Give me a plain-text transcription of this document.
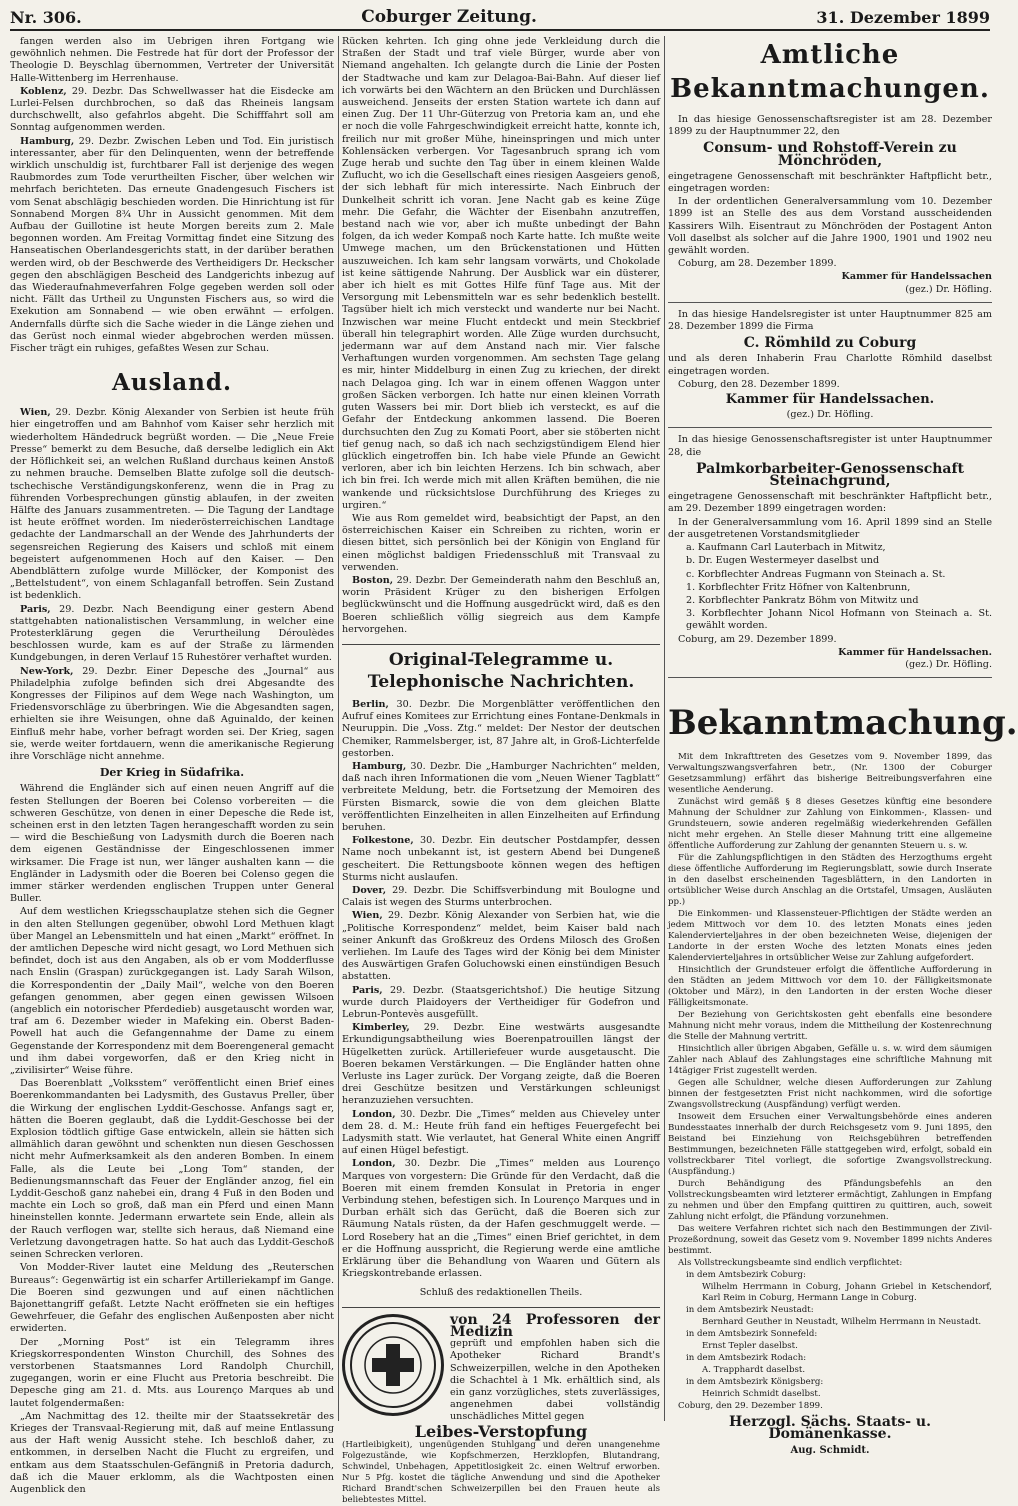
Nr. 306.	Coburger Zeitung.	31. Dezember 1899

fangen werden also im Uebrigen ihren Fortgang wie gewöhnlich nehmen. Die Festrede hat für dort der Professor der Theologie D. Beyschlag übernommen, Vertreter der Universität Halle-Wittenberg im Herrenhause.

Koblenz, 29. Dezbr. Das Schwellwasser hat die Eisdecke am Lurlei-Felsen durchbrochen, so daß das Rheineis langsam durchschwellt, also gefahrlos abgeht. Die Schifffahrt soll am Sonntag aufgenommen werden.

Hamburg, 29. Dezbr. Zwischen Leben und Tod. Ein juristisch interessanter, aber für den Delinquenten, wenn der betreffende wirklich unschuldig ist, furchtbarer Fall ist derjenige des wegen Raubmordes zum Tode verurtheilten Fischer, über welchen wir mehrfach berichteten. Das erneute Gnadengesuch Fischers ist vom Senat abschlägig beschieden worden. Die Hinrichtung ist für Sonnabend Morgen 8¾ Uhr in Aussicht genommen. Mit dem Aufbau der Guillotine ist heute Morgen bereits zum 2. Male begonnen worden. Am Freitag Vormittag findet eine Sitzung des Hanseatischen Oberlandesgerichts statt, in der darüber berathen werden wird, ob der Beschwerde des Vertheidigers Dr. Heckscher gegen den abschlägigen Bescheid des Landgerichts inbezug auf das Wiederaufnahmeverfahren Folge gegeben werden soll oder nicht. Fällt das Urtheil zu Ungunsten Fischers aus, so wird die Exekution am Sonnabend — wie oben erwähnt — erfolgen. Andernfalls dürfte sich die Sache wieder in die Länge ziehen und das Gerüst noch einmal wieder abgebrochen werden müssen. Fischer trägt ein ruhiges, gefaßtes Wesen zur Schau.

Ausland.

Wien, 29. Dezbr. König Alexander von Serbien ist heute früh hier eingetroffen und am Bahnhof vom Kaiser sehr herzlich mit wiederholtem Händedruck begrüßt worden. — Die „Neue Freie Presse“ bemerkt zu dem Besuche, daß derselbe lediglich ein Akt der Höflichkeit sei, an welchen Rußland durchaus keinen Anstoß zu nehmen brauche. Demselben Blatte zufolge soll die deutsch-tschechische Verständigungskonferenz, wenn die in Prag zu führenden Vorbesprechungen günstig ablaufen, in der zweiten Hälfte des Januars zusammentreten. — Die Tagung der Landtage ist heute eröffnet worden. Im niederösterreichischen Landtage gedachte der Landmarschall an der Wende des Jahrhunderts der segensreichen Regierung des Kaisers und schloß mit einem begeistert aufgenommenen Hoch auf den Kaiser. — Den Abendblättern zufolge wurde Millöcker, der Komponist des „Bettelstudent“, von einem Schlaganfall betroffen. Sein Zustand ist bedenklich.

Paris, 29. Dezbr. Nach Beendigung einer gestern Abend stattgehabten nationalistischen Versammlung, in welcher eine Protesterklärung gegen die Verurtheilung Déroulèdes beschlossen wurde, kam es auf der Straße zu lärmenden Kundgebungen, in deren Verlauf 15 Ruhestörer verhaftet wurden.

New-York, 29. Dezbr. Einer Depesche des „Journal“ aus Philadelphia zufolge befinden sich drei Abgesandte des Kongresses der Filipinos auf dem Wege nach Washington, um Friedensvorschläge zu überbringen. Wie die Abgesandten sagen, erhielten sie ihre Weisungen, ohne daß Aguinaldo, der keinen Einfluß mehr habe, vorher befragt worden sei. Der Krieg, sagen sie, werde weiter fortdauern, wenn die amerikanische Regierung ihre Vorschläge nicht annehme.

Der Krieg in Südafrika.

Während die Engländer sich auf einen neuen Angriff auf die festen Stellungen der Boeren bei Colenso vorbereiten — die schweren Geschütze, von denen in einer Depesche die Rede ist, scheinen erst in den letzten Tagen herangeschafft worden zu sein — wird die Beschießung von Ladysmith durch die Boeren nach dem eigenen Geständnisse der Eingeschlossenen immer wirksamer. Die Frage ist nun, wer länger aushalten kann — die Engländer in Ladysmith oder die Boeren bei Colenso gegen die immer stärker werdenden englischen Truppen unter General Buller.

Auf dem westlichen Kriegsschauplatze stehen sich die Gegner in den alten Stellungen gegenüber, obwohl Lord Methuen klagt über Mangel an Lebensmitteln und hat einen „Markt“ eröffnet. In der amtlichen Depesche wird nicht gesagt, wo Lord Methuen sich befindet, doch ist aus den Angaben, als ob er vom Modderflusse nach Enslin (Graspan) zurückgegangen ist. Lady Sarah Wilson, die Korrespondentin der „Daily Mail“, welche von den Boeren gefangen genommen, aber gegen einen gewissen Wilsoen (angeblich ein notorischer Pferdedieb) ausgetauscht worden war, traf am 6. Dezember wieder in Mafeking ein. Oberst Baden-Powell hat auch die Gefangennahme der Dame zu einem Gegenstande der Korrespondenz mit dem Boerengeneral gemacht und ihm dabei vorgeworfen, daß er den Krieg nicht in „zivilisirter“ Weise führe.

Das Boerenblatt „Volksstem“ veröffentlicht einen Brief eines Boerenkommandanten bei Ladysmith, des Gustavus Preller, über die Wirkung der englischen Lyddit-Geschosse. Anfangs sagt er, hätten die Boeren geglaubt, daß die Lyddit-Geschosse bei der Explosion tödtlich giftige Gase entwickeln, allein sie hätten sich allmählich daran gewöhnt und schenkten nun diesen Geschossen nicht mehr Aufmerksamkeit als den anderen Bomben. In einem Falle, als die Leute bei „Long Tom“ standen, der Bedienungsmannschaft das Feuer der Engländer anzog, fiel ein Lyddit-Geschoß ganz nahebei ein, drang 4 Fuß in den Boden und machte ein Loch so groß, daß man ein Pferd und einen Mann hineinstellen konnte. Jedermann erwartete sein Ende, allein als der Rauch verflogen war, stellte sich heraus, daß Niemand eine Verletzung davongetragen hatte. So hat auch das Lyddit-Geschoß seinen Schrecken verloren.

Von Modder-River lautet eine Meldung des „Reuterschen Bureaus“: Gegenwärtig ist ein scharfer Artilleriekampf im Gange. Die Boeren sind gezwungen und auf einen nächtlichen Bajonettangriff gefaßt. Letzte Nacht eröffneten sie ein heftiges Gewehrfeuer, die Gefahr des englischen Außenposten aber nicht erwiderten.

Der „Morning Post“ ist ein Telegramm ihres Kriegskorrespondenten Winston Churchill, des Sohnes des verstorbenen Staatsmannes Lord Randolph Churchill, zugegangen, worin er eine Flucht aus Pretoria beschreibt. Die Depesche ging am 21. d. Mts. aus Lourenço Marques ab und lautet folgendermaßen:

„Am Nachmittag des 12. theilte mir der Staatssekretär des Krieges der Transvaal-Regierung mit, daß auf meine Entlassung aus der Haft wenig Aussicht stehe. Ich beschloß daher, zu entkommen, in derselben Nacht die Flucht zu ergreifen, und entkam aus dem Staatsschulen-Gefängniß in Pretoria dadurch, daß ich die Mauer erklomm, als die Wachtposten einen Augenblick den

Rücken kehrten. Ich ging ohne jede Verkleidung durch die Straßen der Stadt und traf viele Bürger, wurde aber von Niemand angehalten. Ich gelangte durch die Linie der Posten der Stadtwache und kam zur Delagoa-Bai-Bahn. Auf dieser lief ich vorwärts bei den Wächtern an den Brücken und Durchlässen ausweichend. Jenseits der ersten Station wartete ich dann auf einen Zug. Der 11 Uhr-Güterzug von Pretoria kam an, und ehe er noch die volle Fahrgeschwindigkeit erreicht hatte, konnte ich, freilich nur mit großer Mühe, hineinspringen und mich unter Kohlensäcken verbergen. Vor Tagesanbruch sprang ich vom Zuge herab und suchte den Tag über in einem kleinen Walde Zuflucht, wo ich die Gesellschaft eines riesigen Aasgeiers genoß, der sich lebhaft für mich interessirte. Nach Einbruch der Dunkelheit schritt ich voran. Jene Nacht gab es keine Züge mehr. Die Gefahr, die Wächter der Eisenbahn anzutreffen, bestand nach wie vor, aber ich mußte unbedingt der Bahn folgen, da ich weder Kompaß noch Karte hatte. Ich mußte weite Umwege machen, um den Brückenstationen und Hütten auszuweichen. Ich kam sehr langsam vorwärts, und Chokolade ist keine sättigende Nahrung. Der Ausblick war ein düsterer, aber ich hielt es mit Gottes Hilfe fünf Tage aus. Mit der Versorgung mit Lebensmitteln war es sehr bedenklich bestellt. Tagsüber hielt ich mich versteckt und wanderte nur bei Nacht. Inzwischen war meine Flucht entdeckt und mein Steckbrief überall hin telegraphirt worden. Alle Züge wurden durchsucht, jedermann war auf dem Anstand nach mir. Vier falsche Verhaftungen wurden vorgenommen. Am sechsten Tage gelang es mir, hinter Middelburg in einen Zug zu kriechen, der direkt nach Delagoa ging. Ich war in einem offenen Waggon unter großen Säcken verborgen. Ich hatte nur einen kleinen Vorrath guten Wassers bei mir. Dort blieb ich versteckt, es auf die Gefahr der Entdeckung ankommen lassend. Die Boeren durchsuchten den Zug zu Komati Poort, aber sie stöberten nicht tief genug nach, so daß ich nach sechzigstündigem Elend hier glücklich eingetroffen bin. Ich habe viele Pfunde an Gewicht verloren, aber ich bin leichten Herzens. Ich bin schwach, aber ich bin frei. Ich werde mich mit allen Kräften bemühen, die nie wankende und rücksichtslose Durchführung des Krieges zu urgiren.“

Wie aus Rom gemeldet wird, beabsichtigt der Papst, an den österreichischen Kaiser ein Schreiben zu richten, worin er diesen bittet, sich persönlich bei der Königin von England für einen möglichst baldigen Friedensschluß mit Transvaal zu verwenden.

Boston, 29. Dezbr. Der Gemeinderath nahm den Beschluß an, worin Präsident Krüger zu den bisherigen Erfolgen beglückwünscht und die Hoffnung ausgedrückt wird, daß es den Boeren schließlich völlig siegreich aus dem Kampfe hervorgehen.

Original-Telegramme u. Telephonische Nachrichten.

Berlin, 30. Dezbr. Die Morgenblätter veröffentlichen den Aufruf eines Komitees zur Errichtung eines Fontane-Denkmals in Neuruppin. Die „Voss. Ztg.“ meldet: Der Nestor der deutschen Chemiker, Rammelsberger, ist, 87 Jahre alt, in Groß-Lichterfelde gestorben.

Hamburg, 30. Dezbr. Die „Hamburger Nachrichten“ melden, daß nach ihren Informationen die vom „Neuen Wiener Tagblatt“ verbreitete Meldung, betr. die Fortsetzung der Memoiren des Fürsten Bismarck, sowie die von dem gleichen Blatte veröffentlichten Einzelheiten in allen Einzelheiten auf Erfindung beruhen.

Folkestone, 30. Dezbr. Ein deutscher Postdampfer, dessen Name noch unbekannt ist, ist gestern Abend bei Dungeneß gescheitert. Die Rettungsboote können wegen des heftigen Sturms nicht auslaufen.

Dover, 29. Dezbr. Die Schiffsverbindung mit Boulogne und Calais ist wegen des Sturms unterbrochen.

Wien, 29. Dezbr. König Alexander von Serbien hat, wie die „Politische Korrespondenz“ meldet, beim Kaiser bald nach seiner Ankunft das Großkreuz des Ordens Milosch des Großen verliehen. Im Laufe des Tages wird der König bei dem Minister des Auswärtigen Grafen Goluchowski einen einstündigen Besuch abstatten.

Paris, 29. Dezbr. (Staatsgerichtshof.) Die heutige Sitzung wurde durch Plaidoyers der Vertheidiger für Godefron und Lebrun-Pontevès ausgefüllt.

Kimberley, 29. Dezbr. Eine westwärts ausgesandte Erkundigungsabtheilung wies Boerenpatrouillen längst der Hügelketten zurück. Artilleriefeuer wurde ausgetauscht. Die Boeren bekamen Verstärkungen. — Die Engländer hatten ohne Verluste ins Lager zurück. Der Vorgang zeigte, daß die Boeren drei Geschütze besitzen und Verstärkungen schleunigst heranzuziehen versuchten.

London, 30. Dezbr. Die „Times“ melden aus Chieveley unter dem 28. d. M.: Heute früh fand ein heftiges Feuergefecht bei Ladysmith statt. Wie verlautet, hat General White einen Angriff auf einen Hügel befestigt.

London, 30. Dezbr. Die „Times“ melden aus Lourenço Marques von vorgestern: Die Gründe für den Verdacht, daß die Boeren mit einem fremden Konsulat in Pretoria in enger Verbindung stehen, befestigen sich. In Lourenço Marques und in Durban erhält sich das Gerücht, daß die Boeren sich zur Räumung Natals rüsten, da der Hafen geschmuggelt werde. — Lord Rosebery hat an die „Times“ einen Brief gerichtet, in dem er die Hoffnung ausspricht, die Regierung werde eine amtliche Erklärung über die Behandlung von Waaren und Gütern als Kriegskontrebande erlassen.

Schluß des redaktionellen Theils.
von 24 Professoren der Medizin
geprüft und empfohlen haben sich die Apotheker Richard Brandt's Schweizerpillen, welche in den Apotheken die Schachtel à 1 Mk. erhältlich sind, als ein ganz vorzügliches, stets zuverlässiges, angenehmen dabei vollständig unschädliches Mittel gegen
Leibes-Verstopfung

(Hartleibigkeit), ungenügenden Stuhlgang und deren unangenehme Folgezustände, wie Kopfschmerzen, Herzklopfen, Blutandrang, Schwindel, Unbehagen, Appetitlosigkeit 2c. einen Weltruf erworben. Nur 5 Pfg. kostet die tägliche Anwendung und sind die Apotheker Richard Brandt'schen Schweizerpillen bei den Frauen heute als beliebtestes Mittel.

Amtliche Bekanntmachungen.

In das hiesige Genossenschaftsregister ist am 28. Dezember 1899 zu der Hauptnummer 22, den

Consum- und Rohstoff-Verein zu Mönchröden,

eingetragene Genossenschaft mit beschränkter Haftpflicht betr., eingetragen worden:

In der ordentlichen Generalversammlung vom 10. Dezember 1899 ist an Stelle des aus dem Vorstand ausscheidenden Kassirers Wilh. Eisentraut zu Mönchröden der Postagent Anton Voll daselbst als solcher auf die Jahre 1900, 1901 und 1902 neu gewählt worden.

Coburg, am 28. Dezember 1899.

Kammer für Handelssachen
(gez.) Dr. Höfling.

In das hiesige Handelsregister ist unter Hauptnummer 825 am 28. Dezember 1899 die Firma

C. Römhild zu Coburg

und als deren Inhaberin Frau Charlotte Römhild daselbst eingetragen worden.

Coburg, den 28. Dezember 1899.

Kammer für Handelssachen.
(gez.) Dr. Höfling.

In das hiesige Genossenschaftsregister ist unter Hauptnummer 28, die

Palmkorbarbeiter-Genossenschaft Steinachgrund,

eingetragene Genossenschaft mit beschränkter Haftpflicht betr., am 29. Dezember 1899 eingetragen worden:

In der Generalversammlung vom 16. April 1899 sind an Stelle der ausgetretenen Vorstandsmitglieder

a. Kaufmann Carl Lauterbach in Mitwitz,
b. Dr. Eugen Westermeyer daselbst und
c. Korbflechter Andreas Fugmann von Steinach a. St.
1. Korbflechter Fritz Höfner von Kaltenbrunn,
2. Korbflechter Pankratz Böhm von Mitwitz und
3. Korbflechter Johann Nicol Hofmann von Steinach a. St. gewählt worden.

Coburg, am 29. Dezember 1899.

Kammer für Handelssachen.
(gez.) Dr. Höfling.
Bekanntmachung.

Mit dem Inkrafttreten des Gesetzes vom 9. November 1899, das Verwaltungszwangsverfahren betr., (Nr. 1300 der Coburger Gesetzsammlung) erfährt das bisherige Beitreibungsverfahren eine wesentliche Aenderung.

Zunächst wird gemäß § 8 dieses Gesetzes künftig eine besondere Mahnung der Schuldner zur Zahlung von Einkommen-, Klassen- und Grundsteuern, sowie anderen regelmäßig wiederkehrenden Gefällen nicht mehr ergehen. An Stelle dieser Mahnung tritt eine allgemeine öffentliche Aufforderung zur Zahlung der genannten Steuern u. s. w.

Für die Zahlungspflichtigen in den Städten des Herzogthums ergeht diese öffentliche Aufforderung im Regierungsblatt, sowie durch Inserate in den daselbst erscheinenden Tagesblättern, in den Landorten in ortsüblicher Weise durch Anschlag an die Ortstafel, Umsagen, Ausläuten pp.)

Die Einkommen- und Klassensteuer-Pflichtigen der Städte werden an jedem Mittwoch vor dem 10. des letzten Monats eines jeden Kalendervierteljahres in der oben bezeichneten Weise, diejenigen der Landorte in der ersten Woche des letzten Monats eines jeden Kalendervierteljahres in ortsüblicher Weise zur Zahlung aufgefordert.

Hinsichtlich der Grundsteuer erfolgt die öffentliche Aufforderung in den Städten an jedem Mittwoch vor dem 10. der Fälligkeitsmonate (Oktober und März), in den Landorten in der ersten Woche dieser Fälligkeitsmonate.

Der Beziehung von Gerichtskosten geht ebenfalls eine besondere Mahnung nicht mehr voraus, indem die Mittheilung der Kostenrechnung die Stelle der Mahnung vertritt.

Hinsichtlich aller übrigen Abgaben, Gefälle u. s. w. wird dem säumigen Zahler nach Ablauf des Zahlungstages eine schriftliche Mahnung mit 14tägiger Frist zugestellt werden.

Gegen alle Schuldner, welche diesen Aufforderungen zur Zahlung binnen der festgesetzten Frist nicht nachkommen, wird die sofortige Zwangsvollstreckung (Auspfändung) verfügt werden.

Insoweit dem Ersuchen einer Verwaltungsbehörde eines anderen Bundesstaates innerhalb der durch Reichsgesetz vom 9. Juni 1895, den Beistand bei Einziehung von Reichsgebühren betreffenden Bestimmungen, bezeichneten Fälle stattgegeben wird, erfolgt, sobald ein vollstreckbarer Titel vorliegt, die sofortige Zwangsvollstreckung. (Auspfändung.)

Durch Behändigung des Pfändungsbefehls an den Vollstreckungsbeamten wird letzterer ermächtigt, Zahlungen in Empfang zu nehmen und über den Empfang quittiren zu quittiren, auch, soweit Zahlung nicht erfolgt, die Pfändung vorzunehmen.

Das weitere Verfahren richtet sich nach den Bestimmungen der Zivil-Prozeßordnung, soweit das Gesetz vom 9. November 1899 nichts Anderes bestimmt.

Als Vollstreckungsbeamte sind endlich verpflichtet:

in dem Amtsbezirk Coburg:
Wilhelm Herrmann in Coburg, Johann Griebel in Ketschendorf, Karl Reim in Coburg, Hermann Lange in Coburg.
in dem Amtsbezirk Neustadt:
Bernhard Geuther in Neustadt, Wilhelm Herrmann in Neustadt.
in dem Amtsbezirk Sonnefeld:
Ernst Tepler daselbst.
in dem Amtsbezirk Rodach:
A. Trapphardt daselbst.
in dem Amtsbezirk Königsberg:
Heinrich Schmidt daselbst.

Coburg, den 29. Dezember 1899.

Herzogl. Sächs. Staats- u. Domänenkasse.
Aug. Schmidt.
